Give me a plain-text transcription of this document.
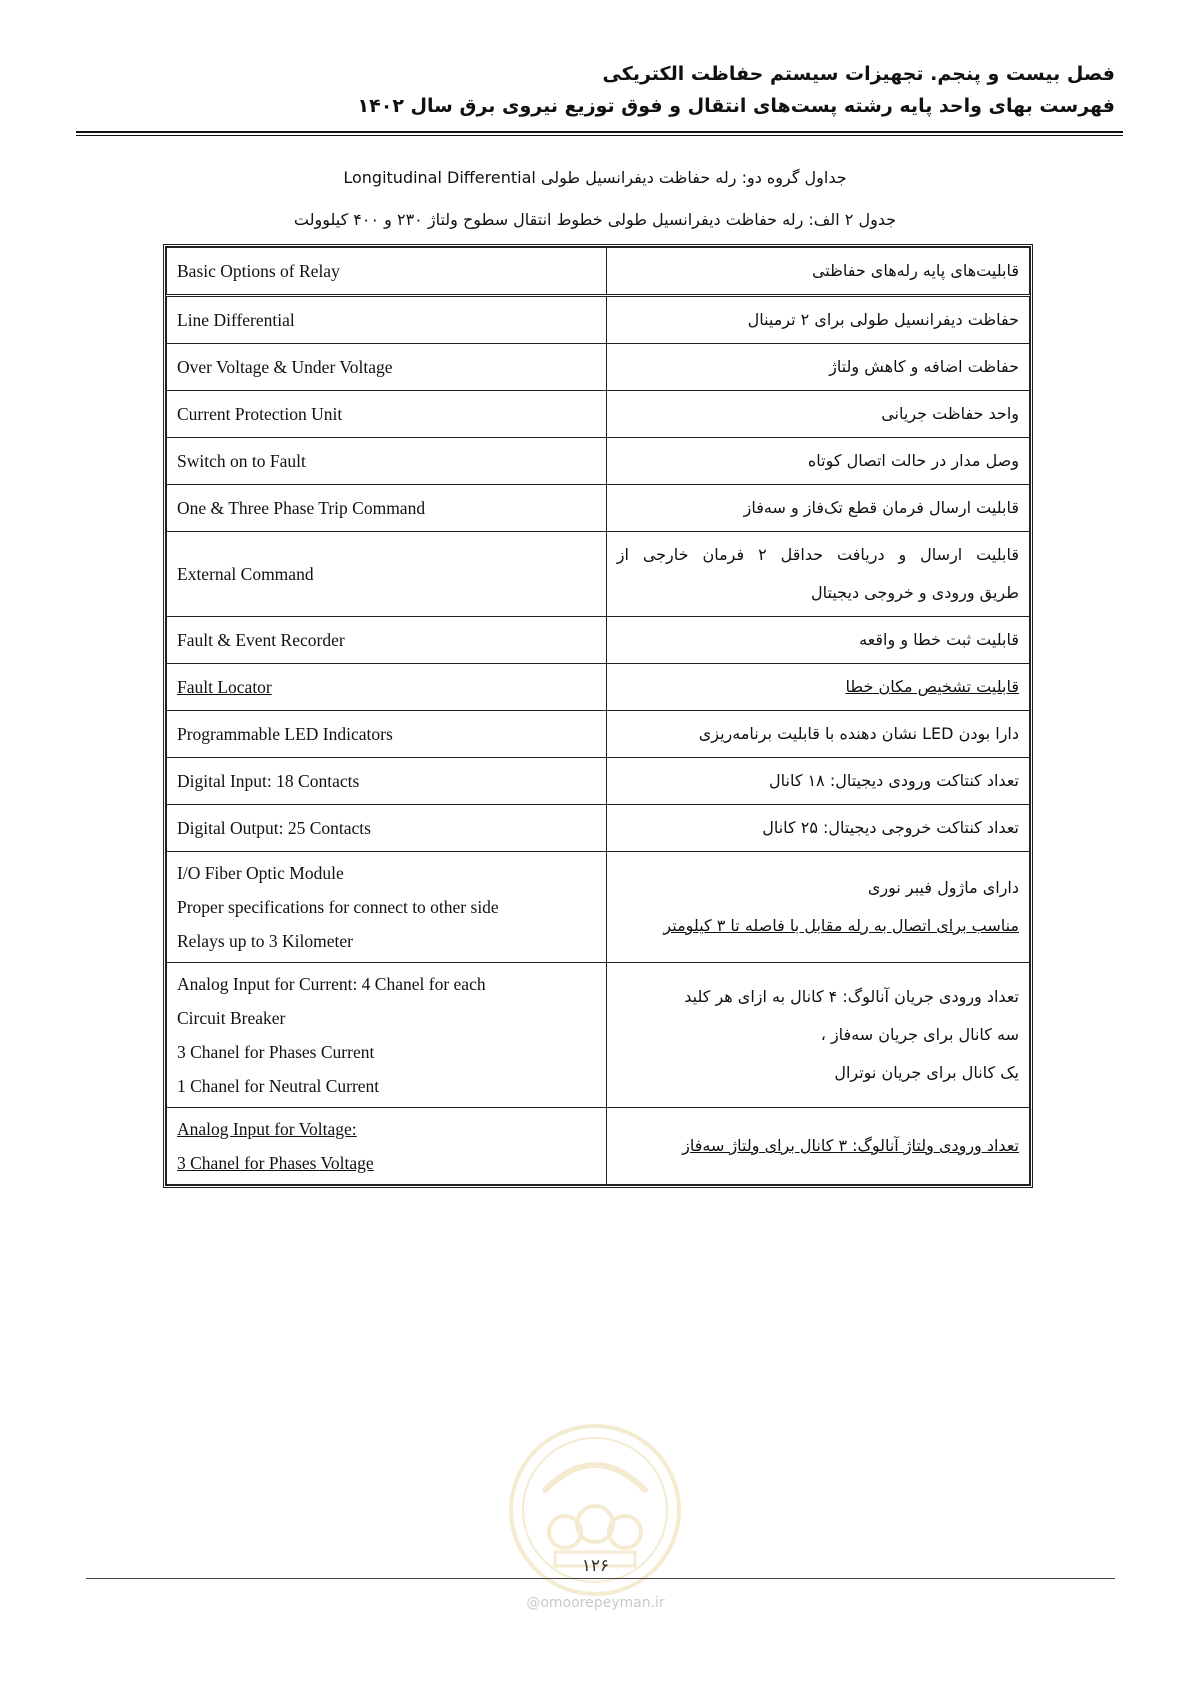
فصل بیست و پنجم. تجهیزات سیستم حفاظت الکتریکی
فهرست بهای واحد پایه رشته پست‌های انتقال و فوق توزیع نیروی برق سال ۱۴۰۲
جداول گروه دو: رله حفاظت دیفرانسیل طولی Longitudinal Differential
جدول ۲ الف: رله حفاظت دیفرانسیل طولی خطوط انتقال سطوح ولتاژ ۲۳۰ و ۴۰۰ کیلوولت
Basic Options of Relay	قابلیت‌های پایه رله‌های حفاظتی
Line Differential	حفاظت دیفرانسیل طولی برای ۲ ترمینال
Over Voltage & Under Voltage	حفاظت اضافه و کاهش ولتاژ
Current Protection Unit	واحد حفاظت جریانی
Switch on to Fault	وصل مدار در حالت اتصال کوتاه
One & Three Phase Trip Command	قابلیت ارسال فرمان قطع تک‌فاز و سه‌فاز
External Command	قابلیت ارسال و دریافت حداقل ۲ فرمان خارجی از
طریق ورودی و خروجی دیجیتال

Fault & Event Recorder	قابلیت ثبت خطا و واقعه
Fault Locator	قابلیت تشخیص مکان خطا
Programmable LED Indicators	دارا بودن LED نشان دهنده با قابلیت برنامه‌ریزی
Digital Input: 18 Contacts	تعداد کنتاکت ورودی دیجیتال: ۱۸ کانال
Digital Output: 25 Contacts	تعداد کنتاکت خروجی دیجیتال: ۲۵ کانال

I/O Fiber Optic Module
Proper specifications for connect to other side
Relays up to 3 Kilometer	دارای ماژول فیبر نوری
مناسب برای اتصال به رله مقابل با فاصله تا ۳ کیلومتر

Analog Input for Current: 4 Chanel for each
Circuit Breaker
3 Chanel for Phases Current
1 Chanel for Neutral Current	تعداد ورودی جریان آنالوگ: ۴ کانال به ازای هر کلید
سه کانال برای جریان سه‌فاز ،
یک کانال برای جریان نوترال

Analog Input for Voltage:
3 Chanel for Phases Voltage	تعداد ورودی ولتاژ آنالوگ: ۳ کانال برای ولتاژ سه‌فاز
۱۲۶
@omoorepeyman.ir
